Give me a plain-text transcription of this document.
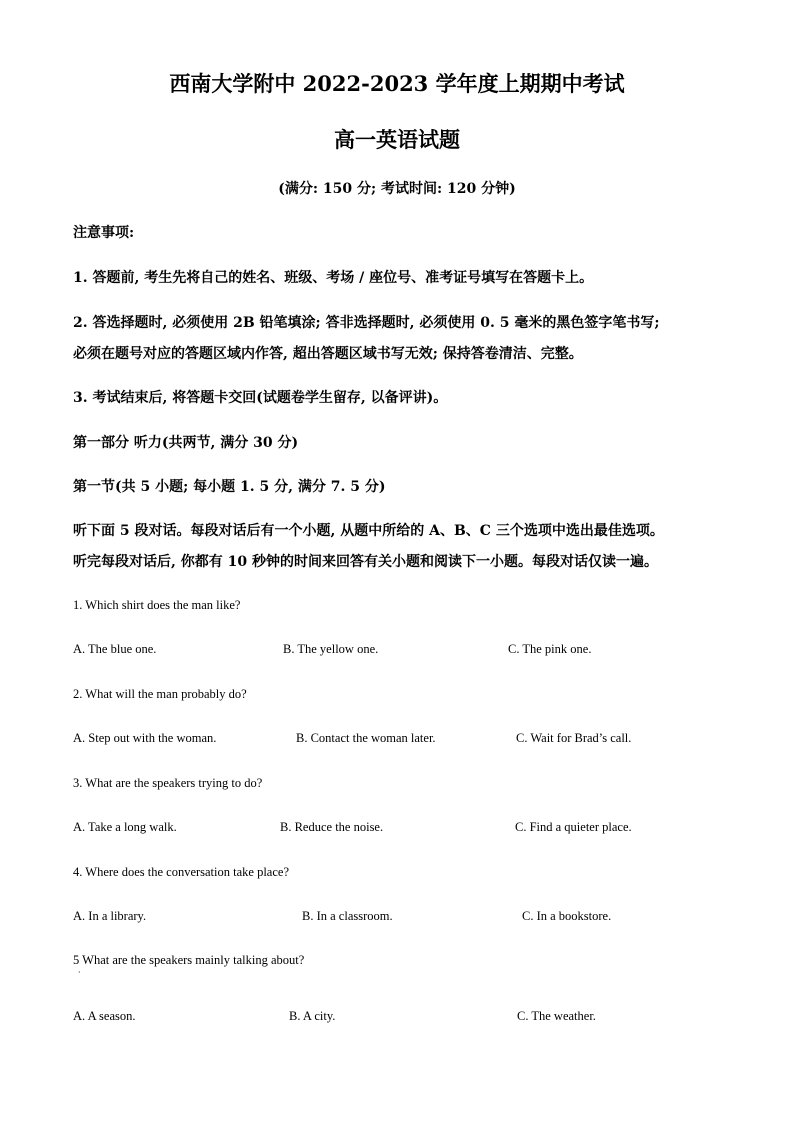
西南大学附中 2022-2023 学年度上期期中考试
高一英语试题
(满分: 150 分; 考试时间: 120 分钟)
注意事项:
1. 答题前, 考生先将自己的姓名、班级、考场 / 座位号、准考证号填写在答题卡上。
2. 答选择题时, 必须使用 2B 铅笔填涂; 答非选择题时, 必须使用 0. 5 毫米的黑色签字笔书写;
必须在题号对应的答题区域内作答, 超出答题区域书写无效; 保持答卷清洁、完整。
3. 考试结束后, 将答题卡交回(试题卷学生留存, 以备评讲)。
第一部分 听力(共两节, 满分 30 分)
第一节(共 5 小题; 每小题 1. 5 分, 满分 7. 5 分)
听下面 5 段对话。每段对话后有一个小题, 从题中所给的 A、B、C 三个选项中选出最佳选项。
听完每段对话后, 你都有 10 秒钟的时间来回答有关小题和阅读下一小题。每段对话仅读一遍。
1. Which shirt does the man like?
A. The blue one.	B. The yellow one.	C. The pink one.
2. What will the man probably do?
A. Step out with the woman.	B. Contact the woman later.	C. Wait for Brad’s call.
3. What are the speakers trying to do?
A. Take a long walk.	B. Reduce the noise.	C. Find a quieter place.
4. Where does the conversation take place?
A. In a library.	B. In a classroom.	C. In a bookstore.
5 What are the speakers mainly talking about?
·
A. A season.	B. A city.	C. The weather.
